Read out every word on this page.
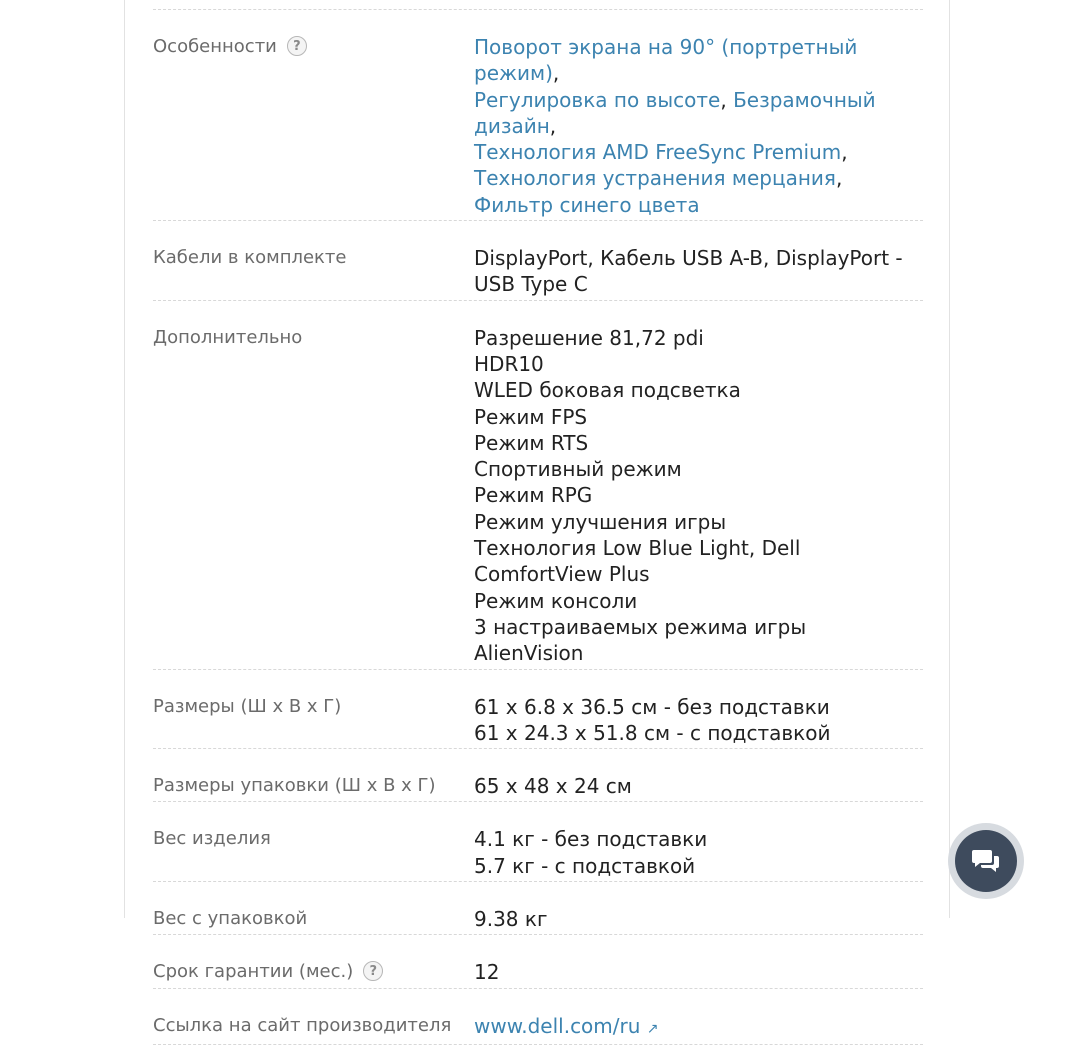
Особенности	?	Поворот экрана на 90° (портретный режим),
Регулировка по высоте, Безрамочный дизайн,
Технология AMD FreeSync Premium,
Технология устранения мерцания, Фильтр синего цвета
Кабели в комплекте	DisplayPort, Кабель USB A-B, DisplayPort - USB Type C
Дополнительно	Разрешение 81,72 pdi
HDR10
WLED боковая подсветка
Режим FPS
Режим RTS
Спортивный режим
Режим RPG
Режим улучшения игры
Технология Low Blue Light, Dell ComfortView Plus
Режим консоли
3 настраиваемых режима игры
AlienVision
Размеры (Ш х В х Г)	61 x 6.8 x 36.5 см - без подставки
61 x 24.3 x 51.8 см - с подставкой
Размеры упаковки (Ш х В х Г) 65 x 48 x 24 см
Вес изделия	4.1 кг - без подставки
5.7 кг - с подставкой
Вес с упаковкой	9.38 кг
Срок гарантии (мес.)	?	12
Ссылка на сайт производителя www.dell.com/ru ↗
